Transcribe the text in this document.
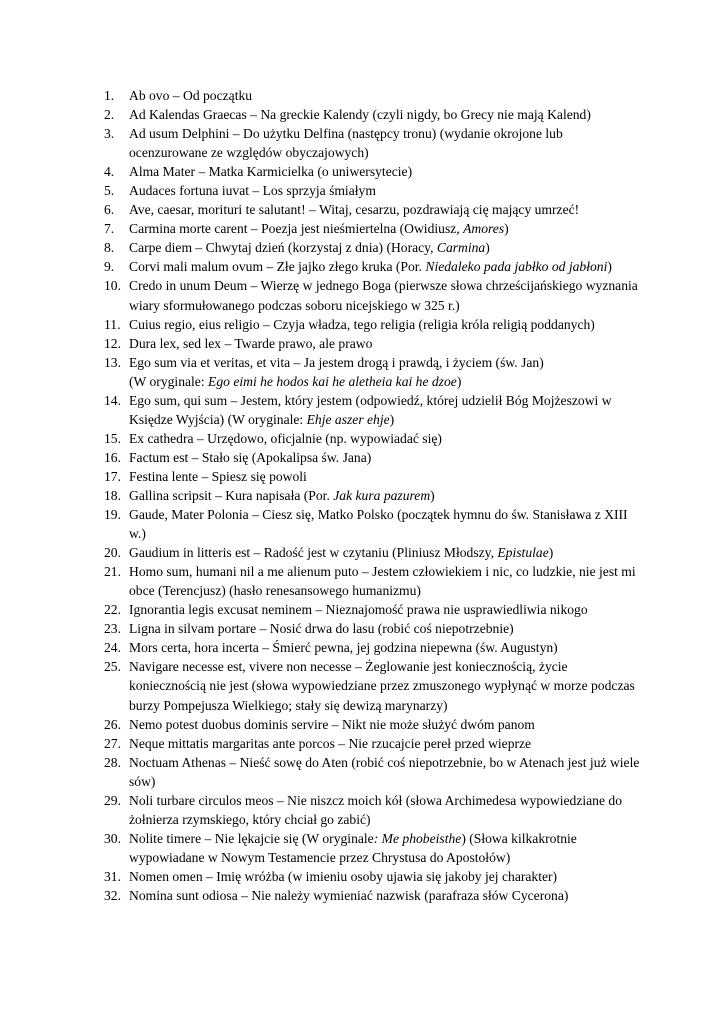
1. Ab ovo – Od początku
2. Ad Kalendas Graecas – Na greckie Kalendy (czyli nigdy, bo Grecy nie mają Kalend)
3. Ad usum Delphini – Do użytku Delfina (następcy tronu) (wydanie okrojone lub ocenzurowane ze względów obyczajowych)
4. Alma Mater – Matka Karmicielka (o uniwersytecie)
5. Audaces fortuna iuvat – Los sprzyja śmiałym
6. Ave, caesar, morituri te salutant! – Witaj, cesarzu, pozdrawiają cię mający umrzeć!
7. Carmina morte carent – Poezja jest nieśmiertelna (Owidiusz, Amores)
8. Carpe diem – Chwytaj dzień (korzystaj z dnia) (Horacy, Carmina)
9. Corvi mali malum ovum – Złe jajko złego kruka (Por. Niedaleko pada jabłko od jabłoni)
10. Credo in unum Deum – Wierzę w jednego Boga (pierwsze słowa chrześcijańskiego wyznania wiary sformułowanego podczas soboru nicejskiego w 325 r.)
11. Cuius regio, eius religio – Czyja władza, tego religia (religia króla religią poddanych)
12. Dura lex, sed lex – Twarde prawo, ale prawo
13. Ego sum via et veritas, et vita – Ja jestem drogą i prawdą, i życiem (św. Jan)
(W oryginale: Ego eimi he hodos kai he aletheia kai he dzoe)
14. Ego sum, qui sum – Jestem, który jestem (odpowiedź, której udzielił Bóg Mojżeszowi w Księdze Wyjścia) (W oryginale: Ehje aszer ehje)
15. Ex cathedra – Urzędowo, oficjalnie (np. wypowiadać się)
16. Factum est – Stało się (Apokalipsa św. Jana)
17. Festina lente – Spiesz się powoli
18. Gallina scripsit – Kura napisała (Por. Jak kura pazurem)
19. Gaude, Mater Polonia – Ciesz się, Matko Polsko (początek hymnu do św. Stanisława z XIII w.)
20. Gaudium in litteris est – Radość jest w czytaniu (Pliniusz Młodszy, Epistulae)
21. Homo sum, humani nil a me alienum puto – Jestem człowiekiem i nic, co ludzkie, nie jest mi obce (Terencjusz) (hasło renesansowego humanizmu)
22. Ignorantia legis excusat neminem – Nieznajomość prawa nie usprawiedliwia nikogo
23. Ligna in silvam portare – Nosić drwa do lasu (robić coś niepotrzebnie)
24. Mors certa, hora incerta – Śmierć pewna, jej godzina niepewna (św. Augustyn)
25. Navigare necesse est, vivere non necesse – Żeglowanie jest koniecznością, życie koniecznością nie jest (słowa wypowiedziane przez zmuszonego wypłynąć w morze podczas burzy Pompejusza Wielkiego; stały się dewizą marynarzy)
26. Nemo potest duobus dominis servire – Nikt nie może służyć dwóm panom
27. Neque mittatis margaritas ante porcos – Nie rzucajcie pereł przed wieprze
28. Noctuam Athenas – Nieść sowę do Aten (robić coś niepotrzebnie, bo w Atenach jest już wiele sów)
29. Noli turbare circulos meos – Nie niszcz moich kół (słowa Archimedesa wypowiedziane do żołnierza rzymskiego, który chciał go zabić)
30. Nolite timere – Nie lękajcie się (W oryginale: Me phobeisthe) (Słowa kilkakrotnie wypowiadane w Nowym Testamencie przez Chrystusa do Apostołów)
31. Nomen omen – Imię wróżba (w imieniu osoby ujawia się jakoby jej charakter)
32. Nomina sunt odiosa – Nie należy wymieniać nazwisk (parafraza słów Cycerona)
